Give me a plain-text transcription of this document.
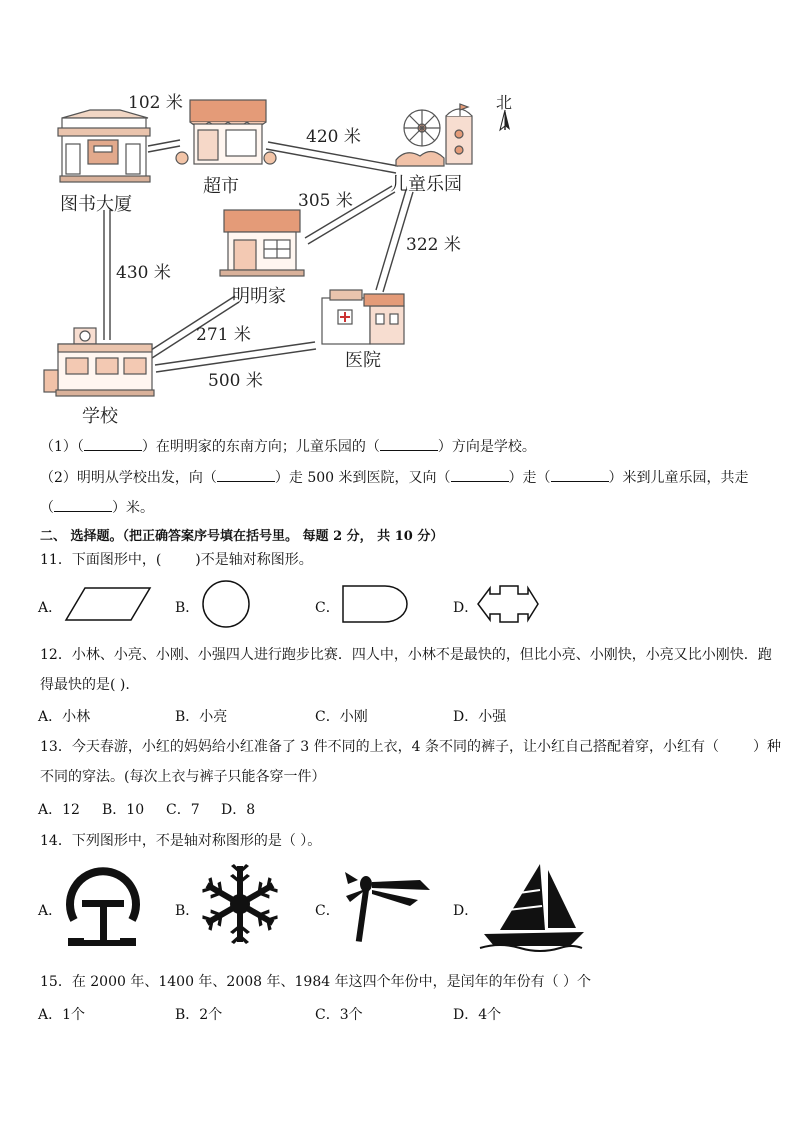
北
图书大厦
超市	儿童乐园
明明家
医院
学校
102 米
420 米
305 米
322 米
430 米
271 米
500 米
（1）（	）在明明家的东南方向；儿童乐园的（	）方向是学校。
（2）明明从学校出发，向（	）走 500 米到医院，又向（	）走（	）米到儿童乐园，共走
（	）米。
二、 选择题。（把正确答案序号填在括号里。 每题 2 分， 共 10 分）
11．下面图形中，( )不是轴对称图形。
A．	B．	C．	D．
12．小林、小亮、小刚、小强四人进行跑步比赛．四人中，小林不是最快的，但比小亮、小刚快，小亮又比小刚快．跑
得最快的是( ).
A．小林	B．小亮	C．小刚	D．小强
13．今天春游，小红的妈妈给小红准备了 3 件不同的上衣，4 条不同的裤子，让小红自己搭配着穿，小红有（ ）种
不同的穿法。(每次上衣与裤子只能各穿一件）
A．12 B．10 C．7 D．8
14．下列图形中，不是轴对称图形的是（ ）。
A．	B．	C．	D．
15．在 2000 年、1400 年、2008 年、1984 年这四个年份中，是闰年的年份有（ ）个
A．1个	B．2个	C．3个	D．4个
